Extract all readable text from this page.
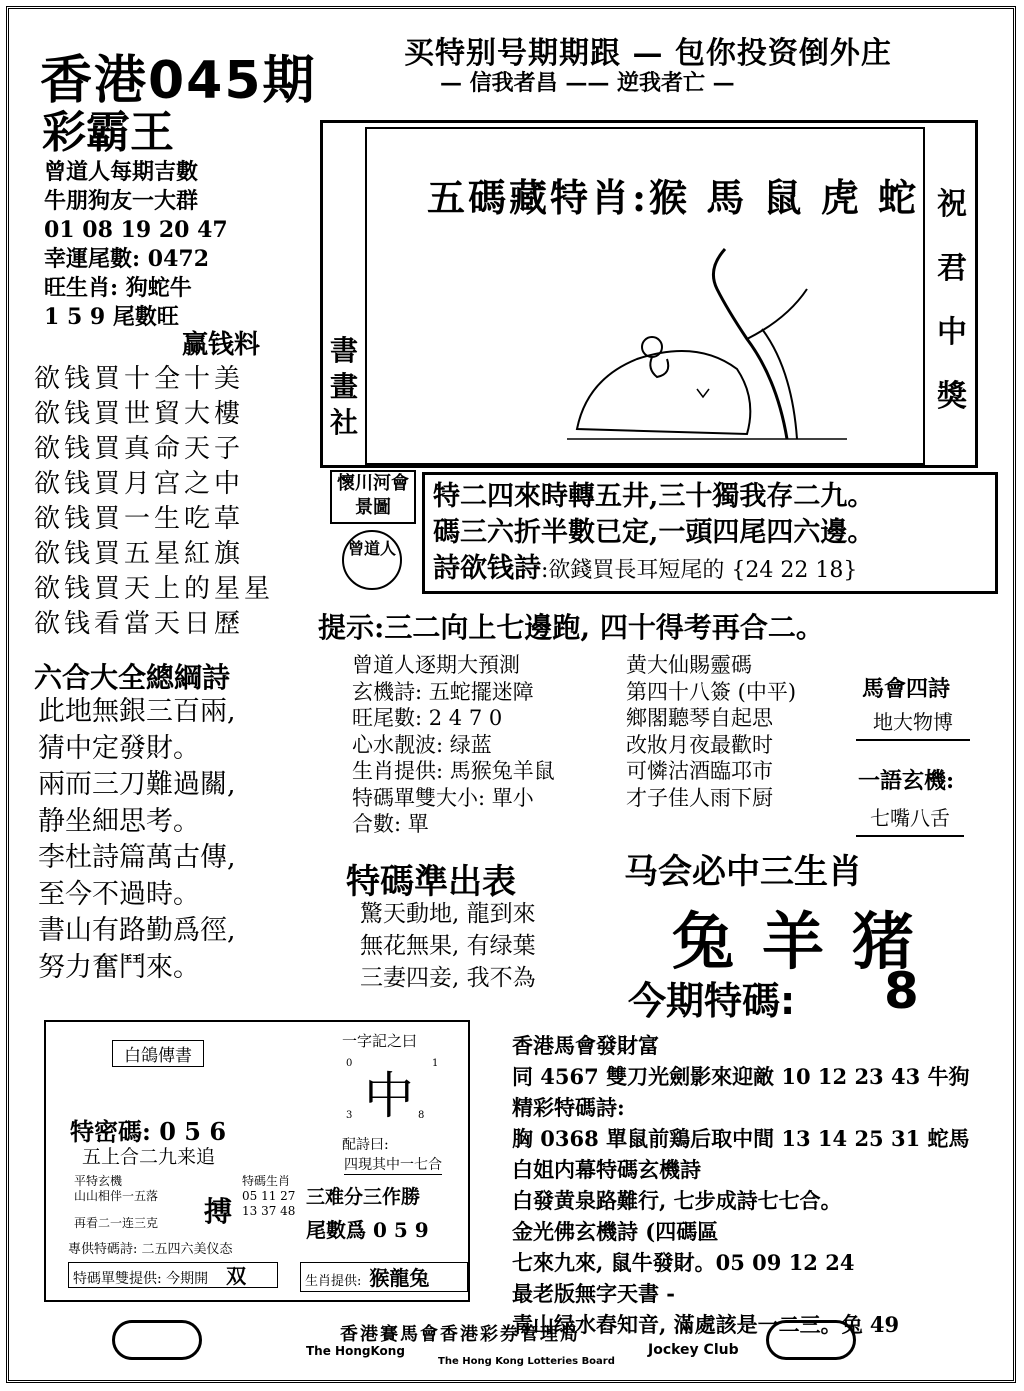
买特别号期期跟 — 包你投资倒外庄
— 信我者昌 —— 逆我者亡 —
香港045期
彩霸王
曾道人每期吉數
牛朋狗友一大群
01 08 19 20 47
幸運尾數: 0472
旺生肖: 狗蛇牛
1 5 9 尾數旺
赢钱料
欲钱買十全十美
欲钱買世貿大樓
欲钱買真命天子
欲钱買月宫之中
欲钱買一生吃草
欲钱買五星紅旗
欲钱買天上的星星
欲钱看當天日歷
六合大全總綱詩
此地無銀三百兩,
猜中定發財。
兩而三刀難過關,
静坐細思考。
李杜詩篇萬古傳,
至今不過時。
書山有路勤爲徑,
努力奮鬥來。
書
畫
社
五碼藏特肖:猴 馬 鼠 虎 蛇 祝
君
中
獎
懷川河會景圖
曾道人
特二四來時轉五井,三十獨我存二九。
碼三六折半數已定,一頭四尾四六邊。
詩欲钱詩:欲錢買長耳短尾的 {24 22 18}
提示:三二向上七邊跑, 四十得考再合二。
曾道人逐期大預測
玄機詩: 五蛇擺迷障
旺尾數: 2 4 7 0
心水靓波: 绿蓝
生肖提供: 馬猴兔羊鼠
特碼單雙大小: 單小
合數: 單
黄大仙賜靈碼
第四十八簽 (中平)
鄉閣聽琴自起思
改妝月夜最歡时
可憐沽酒臨邛市
才子佳人雨下厨
馬會四詩
地大物博
一語玄機:
七嘴八舌
特碼準出表
驚天動地, 龍到來
無花無果, 有绿葉
三妻四妾, 我不為
马会必中三生肖
兔羊猪
今期特碼: 8
白鴿傳書
特密碼: 0 5 6
五上合二九来追
平特玄機
山山相伴一五落 搏
特碼生肖
05 11 27
13 37 48
再看二一连三克
專供特碼詩: 二五四六美仪态
特碼單雙提供: 今期開 双
一字記之曰
中
0	1
3	8
配詩曰:
四現其中一七合
三难分三作勝
尾數爲 0 5 9
生肖提供: 猴龍兔
香港馬會發財富
同 4567 雙刀光劍影來迎敵 10 12 23 43 牛狗
精彩特碼詩:
胸 0368 單鼠前鶏后取中間 13 14 25 31 蛇馬
白姐内幕特碼玄機詩
白發黄泉路難行, 七步成詩七七合。
金光佛玄機詩 (四碼區
七來九來, 鼠牛發財。05 09 12 24
最老版無字天書 -
青山绿水舂知音, 滿處該是一二三。兔 49
香港賽馬會香港彩券管理局
The HongKong	Jockey Club
The Hong Kong Lotteries Board
